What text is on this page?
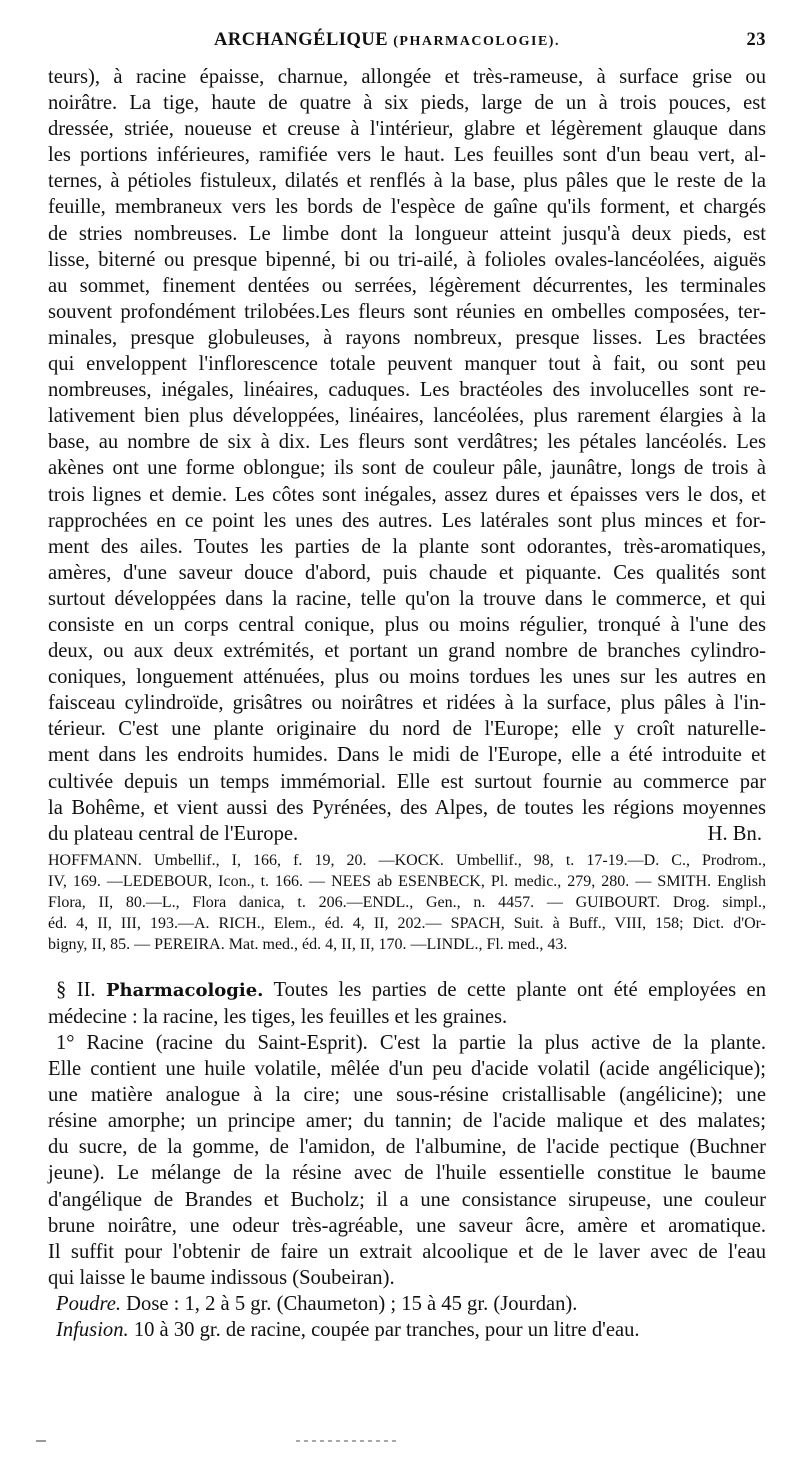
ARCHANGÉLIQUE (PHARMACOLOGIE).	23
teurs), à racine épaisse, charnue, allongée et très-rameuse, à surface grise ou
noirâtre. La tige, haute de quatre à six pieds, large de un à trois pouces, est
dressée, striée, noueuse et creuse à l'intérieur, glabre et légèrement glauque dans
les portions inférieures, ramifiée vers le haut. Les feuilles sont d'un beau vert, al-
ternes, à pétioles fistuleux, dilatés et renflés à la base, plus pâles que le reste de la
feuille, membraneux vers les bords de l'espèce de gaîne qu'ils forment, et chargés
de stries nombreuses. Le limbe dont la longueur atteint jusqu'à deux pieds, est
lisse, biterné ou presque bipenné, bi ou tri-ailé, à folioles ovales-lancéolées, aiguës
au sommet, finement dentées ou serrées, légèrement décurrentes, les terminales
souvent profondément trilobées.Les fleurs sont réunies en ombelles composées, ter-
minales, presque globuleuses, à rayons nombreux, presque lisses. Les bractées
qui enveloppent l'inflorescence totale peuvent manquer tout à fait, ou sont peu
nombreuses, inégales, linéaires, caduques. Les bractéoles des involucelles sont re-
lativement bien plus développées, linéaires, lancéolées, plus rarement élargies à la
base, au nombre de six à dix. Les fleurs sont verdâtres; les pétales lancéolés. Les
akènes ont une forme oblongue; ils sont de couleur pâle, jaunâtre, longs de trois à
trois lignes et demie. Les côtes sont inégales, assez dures et épaisses vers le dos, et
rapprochées en ce point les unes des autres. Les latérales sont plus minces et for-
ment des ailes. Toutes les parties de la plante sont odorantes, très-aromatiques,
amères, d'une saveur douce d'abord, puis chaude et piquante. Ces qualités sont
surtout développées dans la racine, telle qu'on la trouve dans le commerce, et qui
consiste en un corps central conique, plus ou moins régulier, tronqué à l'une des
deux, ou aux deux extrémités, et portant un grand nombre de branches cylindro-
coniques, longuement atténuées, plus ou moins tordues les unes sur les autres en
faisceau cylindroïde, grisâtres ou noirâtres et ridées à la surface, plus pâles à l'in-
térieur. C'est une plante originaire du nord de l'Europe; elle y croît naturelle-
ment dans les endroits humides. Dans le midi de l'Europe, elle a été introduite et
cultivée depuis un temps immémorial. Elle est surtout fournie au commerce par
la Bohême, et vient aussi des Pyrénées, des Alpes, de toutes les régions moyennes
du plateau central de l'Europe.	H. Bn.
HOFFMANN. Umbellif., I, 166, f. 19, 20. —KOCK. Umbellif., 98, t. 17-19.—D. C., Prodrom.,
IV, 169. —LEDEBOUR, Icon., t. 166. — NEES ab ESENBECK, Pl. medic., 279, 280. — SMITH. English
Flora, II, 80.—L., Flora danica, t. 206.—ENDL., Gen., n. 4457. — GUIBOURT. Drog. simpl.,
éd. 4, II, III, 193.—A. RICH., Elem., éd. 4, II, 202.— SPACH, Suit. à Buff., VIII, 158; Dict. d'Or-
bigny, II, 85. — PEREIRA. Mat. med., éd. 4, II, II, 170. —LINDL., Fl. med., 43.
§ II. Pharmacologie. Toutes les parties de cette plante ont été employées en
médecine : la racine, les tiges, les feuilles et les graines.
1° Racine (racine du Saint-Esprit). C'est la partie la plus active de la plante.
Elle contient une huile volatile, mêlée d'un peu d'acide volatil (acide angélicique);
une matière analogue à la cire; une sous-résine cristallisable (angélicine); une
résine amorphe; un principe amer; du tannin; de l'acide malique et des malates;
du sucre, de la gomme, de l'amidon, de l'albumine, de l'acide pectique (Buchner
jeune). Le mélange de la résine avec de l'huile essentielle constitue le baume
d'angélique de Brandes et Bucholz; il a une consistance sirupeuse, une couleur
brune noirâtre, une odeur très-agréable, une saveur âcre, amère et aromatique.
Il suffit pour l'obtenir de faire un extrait alcoolique et de le laver avec de l'eau
qui laisse le baume indissous (Soubeiran).
Poudre. Dose : 1, 2 à 5 gr. (Chaumeton) ; 15 à 45 gr. (Jourdan).
Infusion. 10 à 30 gr. de racine, coupée par tranches, pour un litre d'eau.
